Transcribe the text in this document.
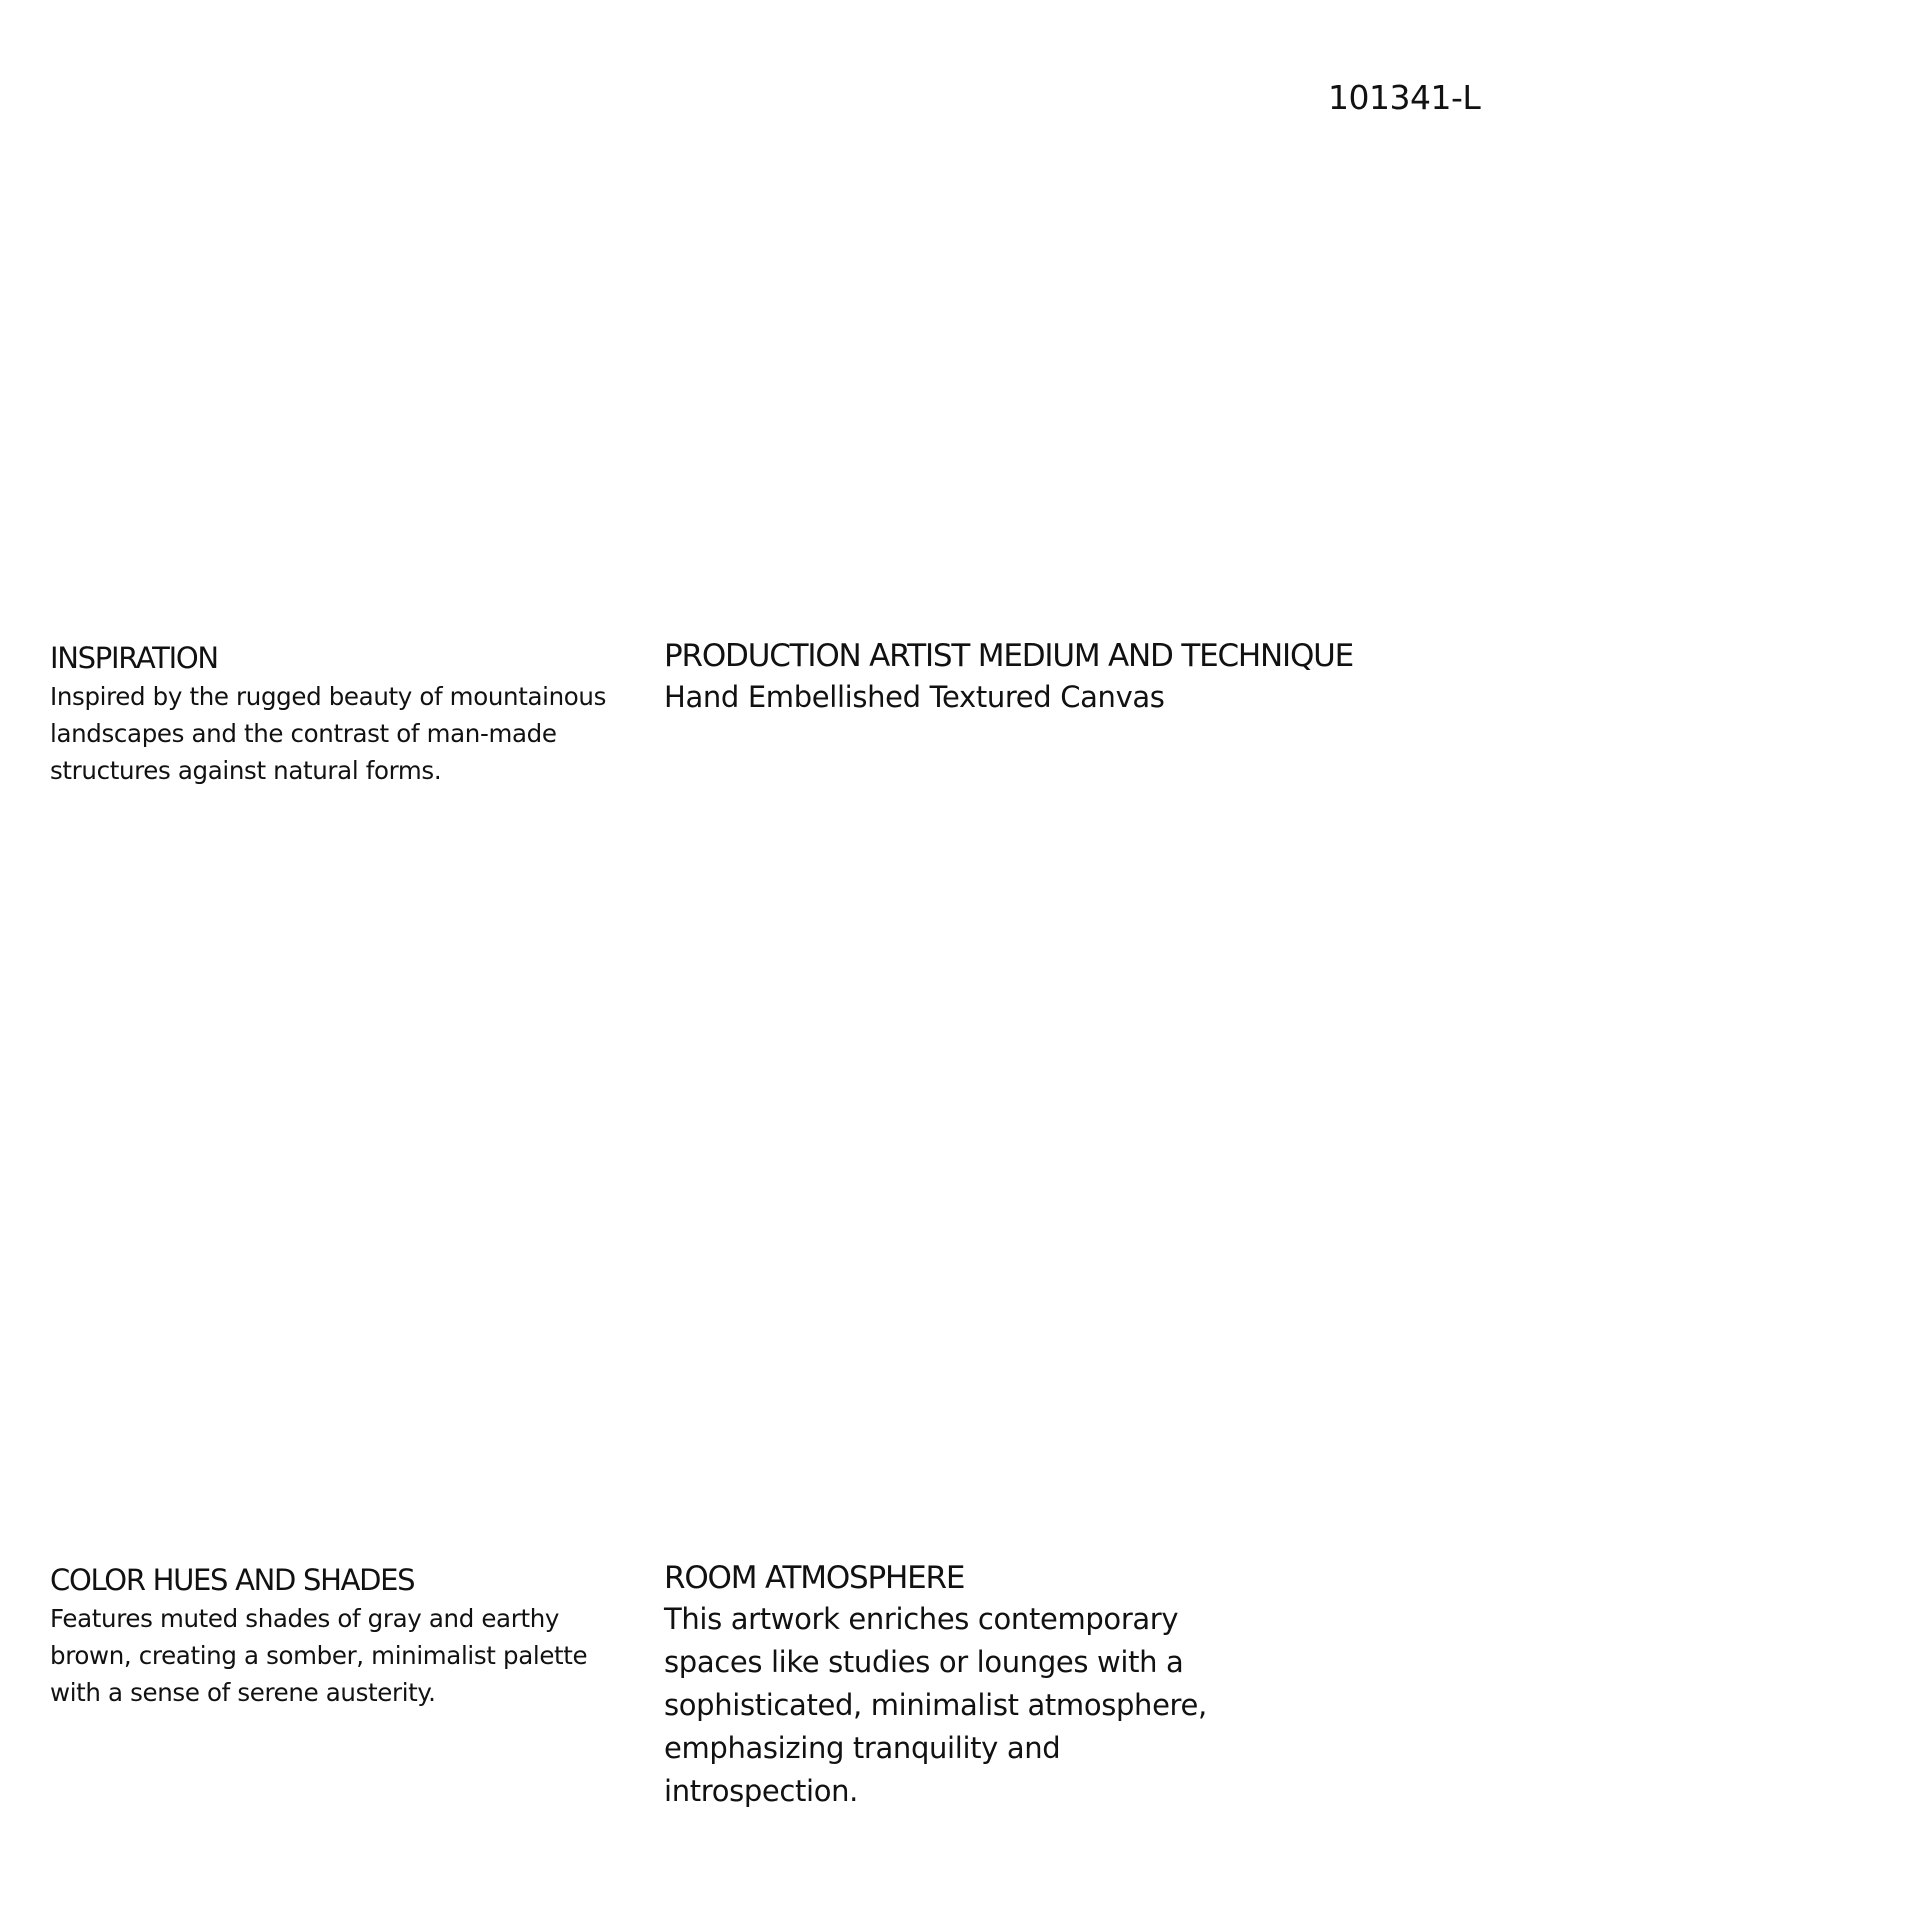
101341-L
INSPIRATION
Inspired by the rugged beauty of mountainous landscapes and the contrast of man-made structures against natural forms.
PRODUCTION ARTIST MEDIUM AND TECHNIQUE
Hand Embellished Textured Canvas
COLOR HUES AND SHADES
Features muted shades of gray and earthy brown, creating a somber, minimalist palette with a sense of serene austerity.
ROOM ATMOSPHERE
This artwork enriches contemporary spaces like studies or lounges with a sophisticated, minimalist atmosphere, emphasizing tranquility and introspection.
